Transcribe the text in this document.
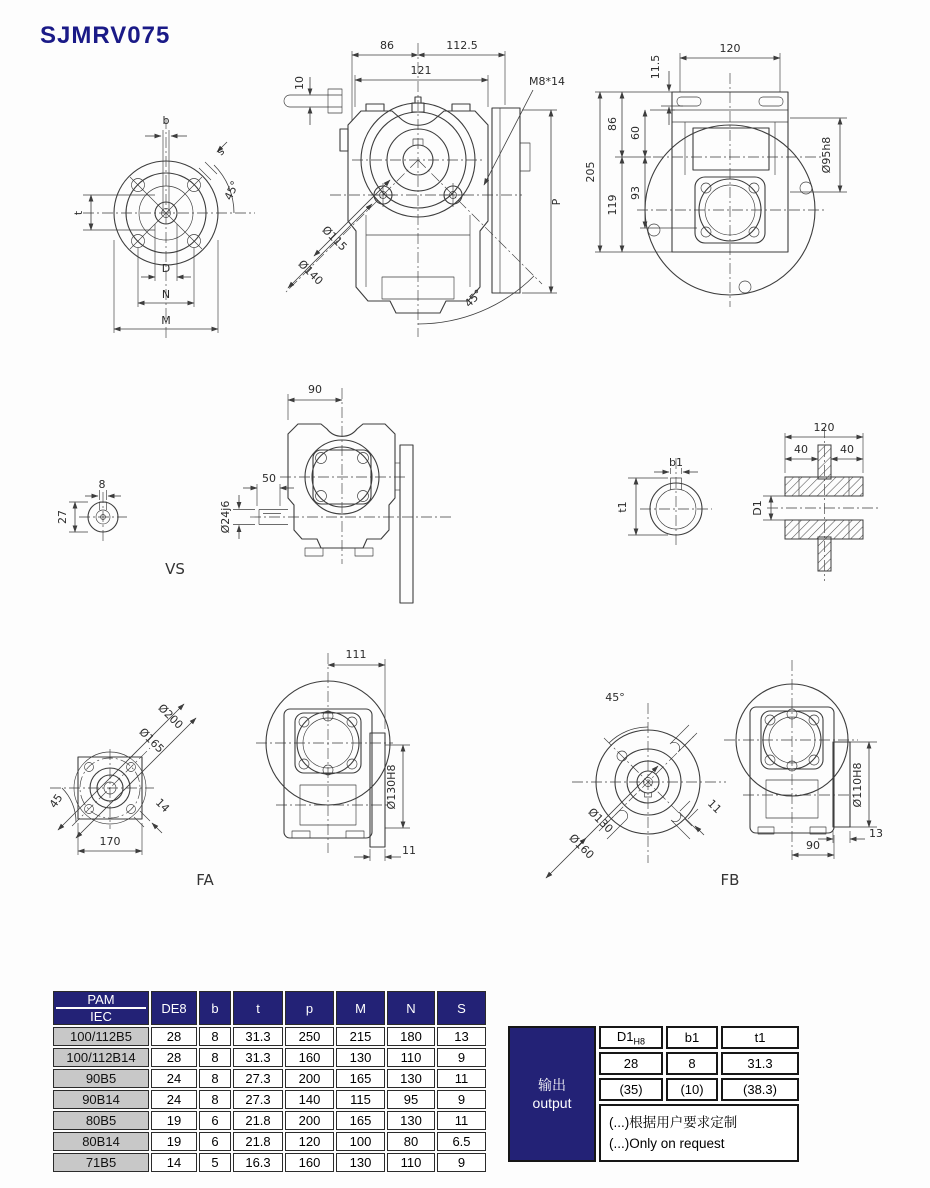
SJMRV075
10
86	112.5
121
M8*14
P
45°
Ø115
Ø140
11.5
120
205
86
119
60
93
Ø95h8
b
t
s
45°
D
N
M
8
27
VS
50
Ø24j6
90
b1
t1
120
40	40
D1
Ø200
Ø165
45	14
170
111
Ø130H8
11
FA
45°
Ø130
Ø160
11
FB
Ø110H8
13
90
PAM
IEC	DE8	b	t	p	M	N	S
100/112B5	28	8	31.3	250	215	180	13
100/112B14	28	8	31.3	160	130	110	9
90B5	24	8	27.3	200	165	130	11
90B14	24	8	27.3	140	115	95	9
80B5	19	6	21.8	200	165	130	11
80B14	19	6	21.8	120	100	80	6.5
71B5	14	5	16.3	160	130	110	9
输出
output	$D1_{H8}$	b1	t1
	28	8	31.3
	(35)	(10)	(38.3)

	(...)根据用户要求定制
(...)Only on request		
